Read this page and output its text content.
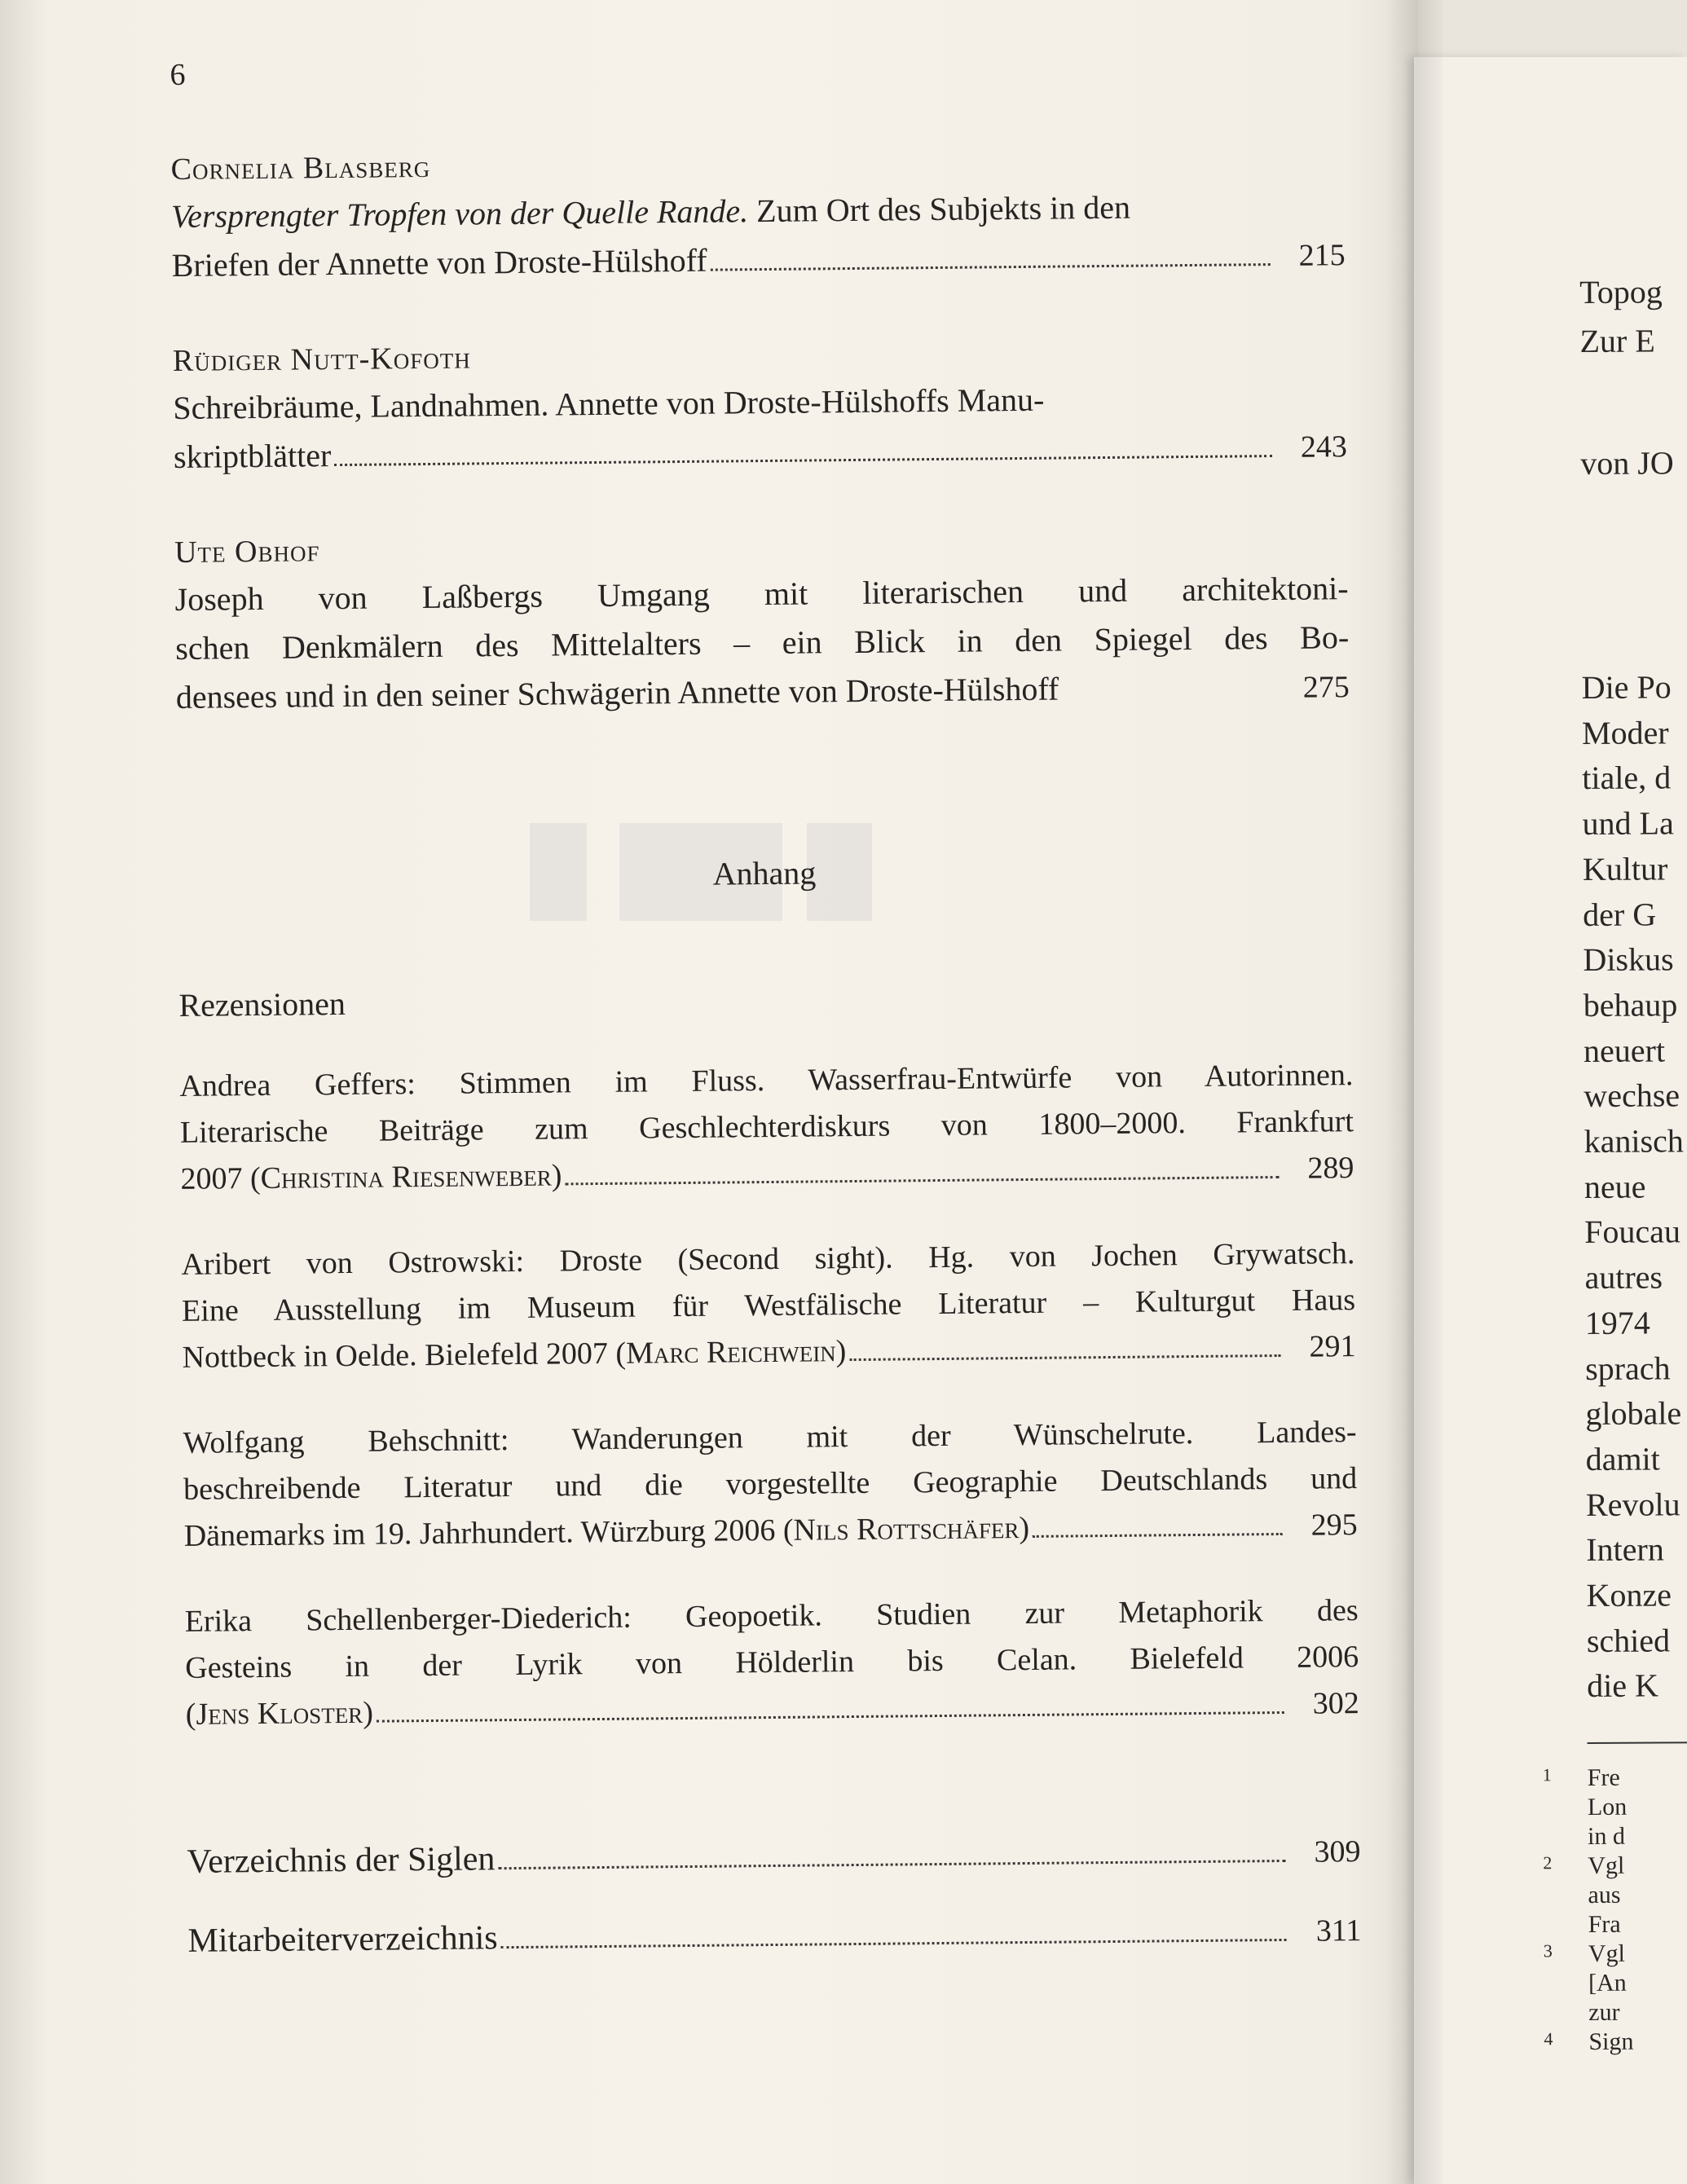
6
Cornelia Blasberg
Versprengter Tropfen von der Quelle Rande. Zum Ort des Subjekts in den
Briefen der Annette von Droste-Hülshoff	215
Rüdiger Nutt-Kofoth
Schreibräume, Landnahmen. Annette von Droste-Hülshoffs Manu-
skriptblätter	243
Ute Obhof
Joseph von Laßbergs Umgang mit literarischen und architektoni-
schen Denkmälern des Mittelalters – ein Blick in den Spiegel des Bo-
densees und in den seiner Schwägerin Annette von Droste-Hülshoff	275
Anhang
Rezensionen
Andrea Geffers: Stimmen im Fluss. Wasserfrau-Entwürfe von Autorinnen.
Literarische Beiträge zum Geschlechterdiskurs von 1800–2000. Frankfurt
2007 (Christina Riesenweber)	289
Aribert von Ostrowski: Droste (Second sight). Hg. von Jochen Grywatsch.
Eine Ausstellung im Museum für Westfälische Literatur – Kulturgut Haus
Nottbeck in Oelde. Bielefeld 2007 (Marc Reichwein)	291
Wolfgang Behschnitt: Wanderungen mit der Wünschelrute. Landes-
beschreibende Literatur und die vorgestellte Geographie Deutschlands und
Dänemarks im 19. Jahrhundert. Würzburg 2006 (Nils Rottschäfer)	295
Erika Schellenberger-Diederich: Geopoetik. Studien zur Metaphorik des
Gesteins in der Lyrik von Hölderlin bis Celan. Bielefeld 2006
(Jens Kloster)	302
Verzeichnis der Siglen	309
Mitarbeiterverzeichnis	311
Topog
Zur E
von JO
Die Po
Moder
tiale, d
und La
Kultur
der G
Diskus
behaup
neuert
wechse
kanisch
neue
Foucau
autres
1974
sprach
globale
damit
Revolu
Intern
Konze
schied
die K
1 Fre
Lon
in d
2 Vgl
aus
Fra
3 Vgl
[An
zur
4 Sign
